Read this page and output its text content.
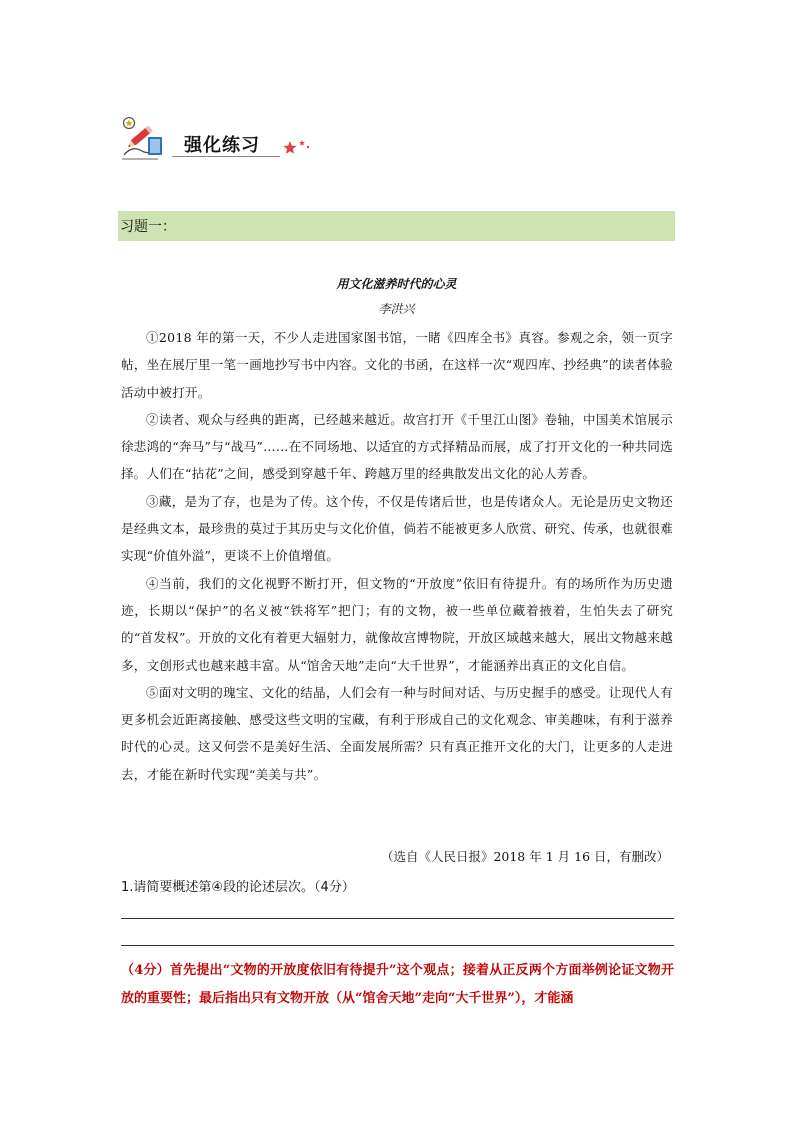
强化练习
习题一：
用文化滋养时代的心灵
李洪兴

①2018 年的第一天，不少人走进国家图书馆，一睹《四库全书》真容。参观之余，领一页字帖，坐在展厅里一笔一画地抄写书中内容。文化的书函，在这样一次“观四库、抄经典”的读者体验活动中被打开。

②读者、观众与经典的距离，已经越来越近。故宫打开《千里江山图》卷轴，中国美术馆展示徐悲鸿的“奔马”与“战马”……在不同场地、以适宜的方式择精品而展，成了打开文化的一种共同选择。人们在“拈花”之间，感受到穿越千年、跨越万里的经典散发出文化的沁人芳香。

③藏，是为了存，也是为了传。这个传，不仅是传诸后世，也是传诸众人。无论是历史文物还是经典文本，最珍贵的莫过于其历史与文化价值，倘若不能被更多人欣赏、研究、传承，也就很难实现“价值外溢”，更谈不上价值增值。

④当前，我们的文化视野不断打开，但文物的“开放度”依旧有待提升。有的场所作为历史遗迹，长期以“保护”的名义被“铁将军”把门；有的文物，被一些单位藏着掖着，生怕失去了研究的“首发权”。开放的文化有着更大辐射力，就像故宫博物院，开放区域越来越大，展出文物越来越多，文创形式也越来越丰富。从“馆舍天地”走向“大千世界”，才能涵养出真正的文化自信。

⑤面对文明的瑰宝、文化的结晶，人们会有一种与时间对话、与历史握手的感受。让现代人有更多机会近距离接触、感受这些文明的宝藏，有利于形成自己的文化观念、审美趣味，有利于滋养时代的心灵。这又何尝不是美好生活、全面发展所需？只有真正推开文化的大门，让更多的人走进去，才能在新时代实现“美美与共”。

（选自《人民日报》2018 年 1 月 16 日，有删改）
1.请简要概述第④段的论述层次。（4分）

（4分）首先提出“文物的开放度依旧有待提升”这个观点；接着从正反两个方面举例论证文物开放的重要性；最后指出只有文物开放（从“馆舍天地”走向“大千世界”），才能涵
